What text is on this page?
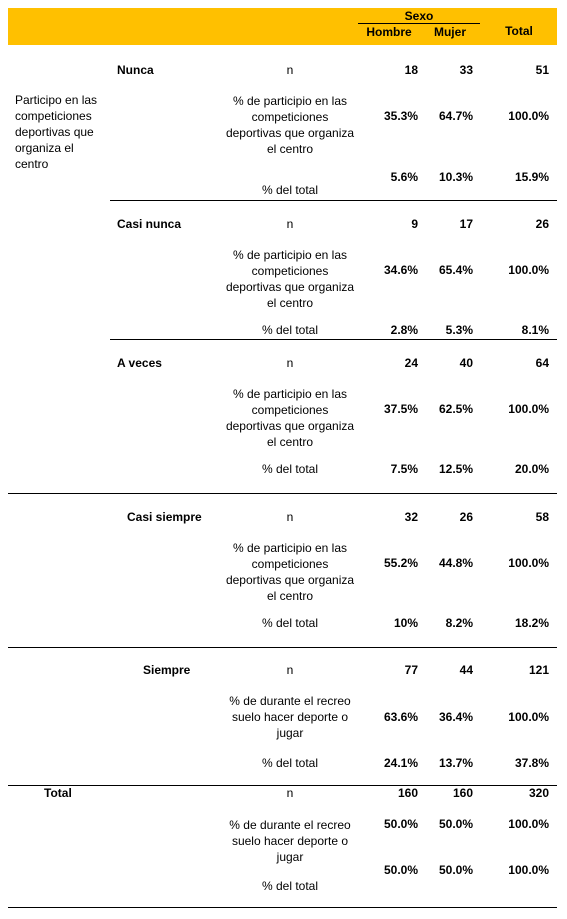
Sexo
Hombre	Mujer	Total
Participo en las competiciones deportivas que organiza el centro
Nunca	n	18	33	51
% de participio en las competiciones deportivas que organiza el centro
35.3%	64.7%	100.0%
% del total
5.6%	10.3%	15.9%
Casi nunca	n	9	17	26
% de participio en las competiciones deportivas que organiza el centro
34.6%	65.4%	100.0%
% del total	2.8%	5.3%	8.1%
A veces	n	24	40	64
% de participio en las competiciones deportivas que organiza el centro
37.5%	62.5%	100.0%
% del total	7.5%	12.5%	20.0%
Casi siempre	n	32	26	58
% de participio en las competiciones deportivas que organiza el centro
55.2%	44.8%	100.0%
% del total	10%	8.2%	18.2%
Siempre	n	77	44	121
% de durante el recreo suelo hacer deporte o jugar
63.6%	36.4%	100.0%
% del total	24.1%	13.7%	37.8%
Total	n	160	160	320
% de durante el recreo suelo hacer deporte o jugar
50.0%	50.0%	100.0%
% del total
50.0%	50.0%	100.0%
